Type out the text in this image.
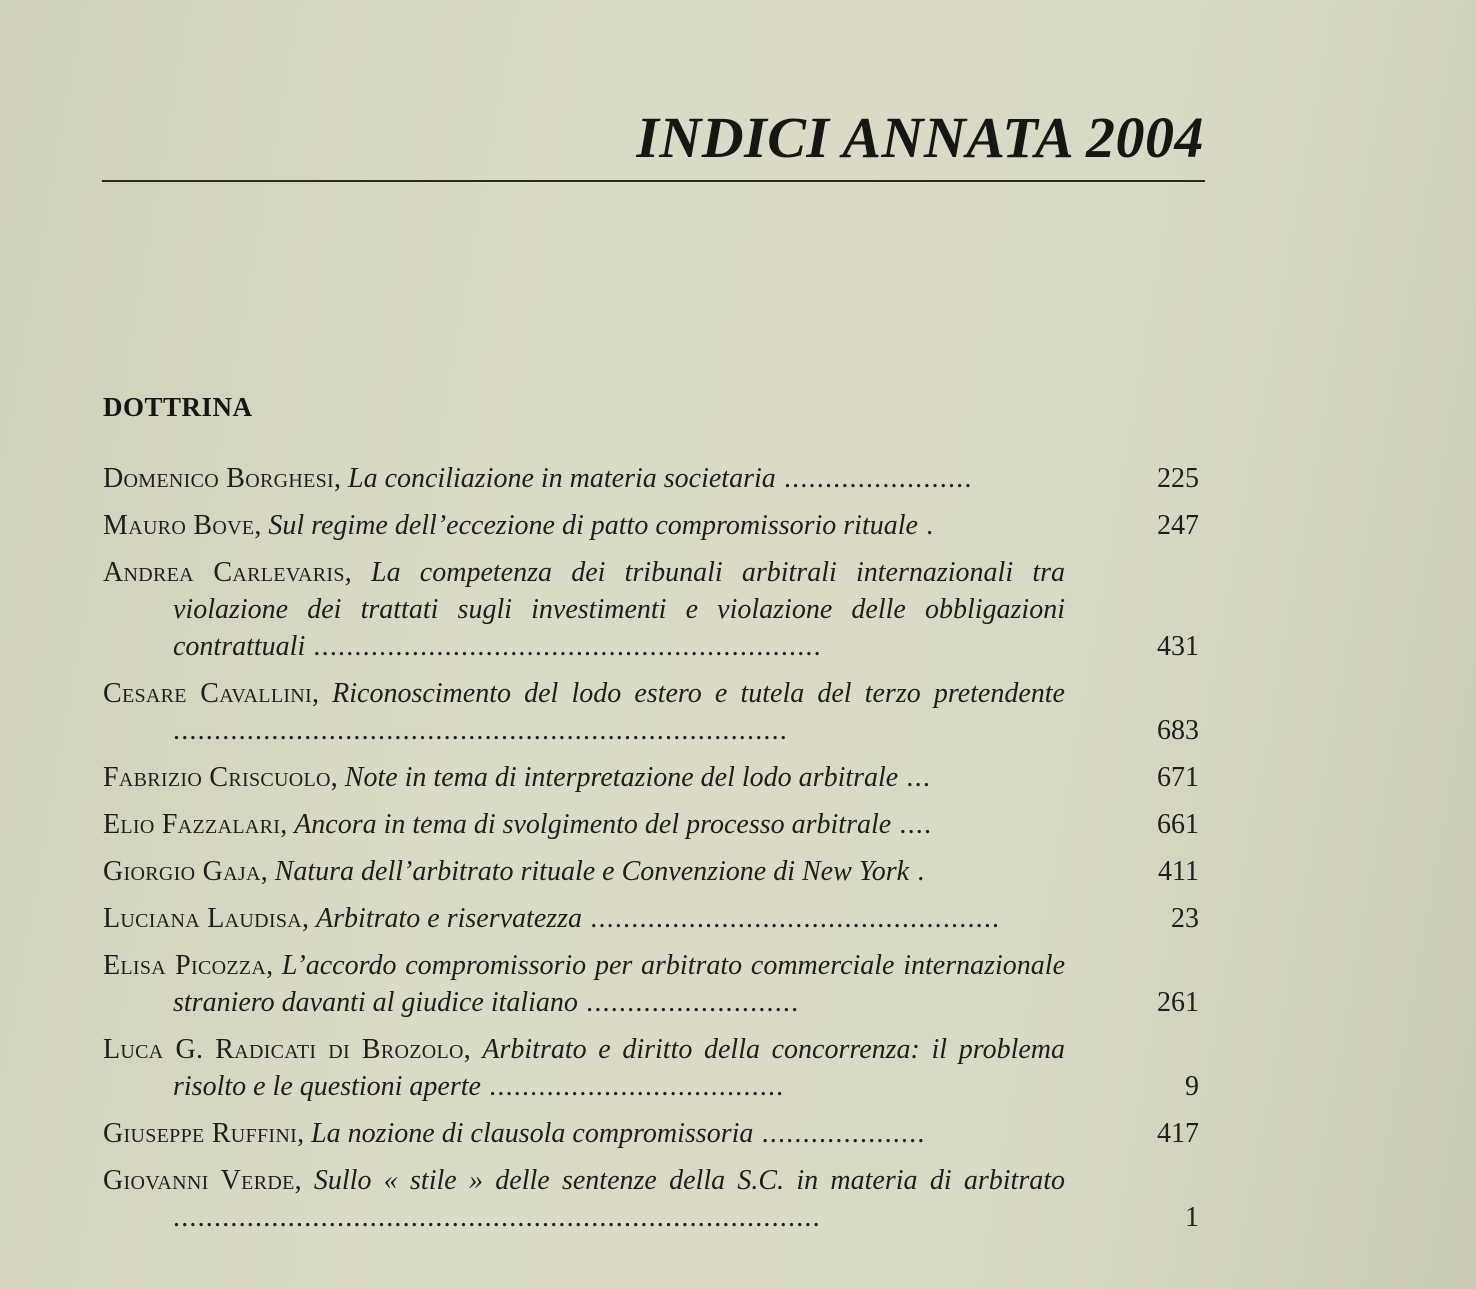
INDICI ANNATA 2004
DOTTRINA
Domenico Borghesi, La conciliazione in materia societaria .......................	225
Mauro Bove, Sul regime dell’eccezione di patto compromissorio rituale .	247
Andrea Carlevaris, La competenza dei tribunali arbitrali internazionali tra violazione dei trattati sugli investimenti e violazione delle obbligazioni contrattuali ..............................................................	431
Cesare Cavallini, Riconoscimento del lodo estero e tutela del terzo pretendente ...........................................................................	683
Fabrizio Criscuolo, Note in tema di interpretazione del lodo arbitrale ...	671
Elio Fazzalari, Ancora in tema di svolgimento del processo arbitrale ....	661
Giorgio Gaja, Natura dell’arbitrato rituale e Convenzione di New York .	411
Luciana Laudisa, Arbitrato e riservatezza ..................................................	23
Elisa Picozza, L’accordo compromissorio per arbitrato commerciale internazionale straniero davanti al giudice italiano ..........................	261
Luca G. Radicati di Brozolo, Arbitrato e diritto della concorrenza: il problema risolto e le questioni aperte ....................................	9
Giuseppe Ruffini, La nozione di clausola compromissoria ....................	417
Giovanni Verde, Sullo « stile » delle sentenze della S.C. in materia di arbitrato ...............................................................................	1
